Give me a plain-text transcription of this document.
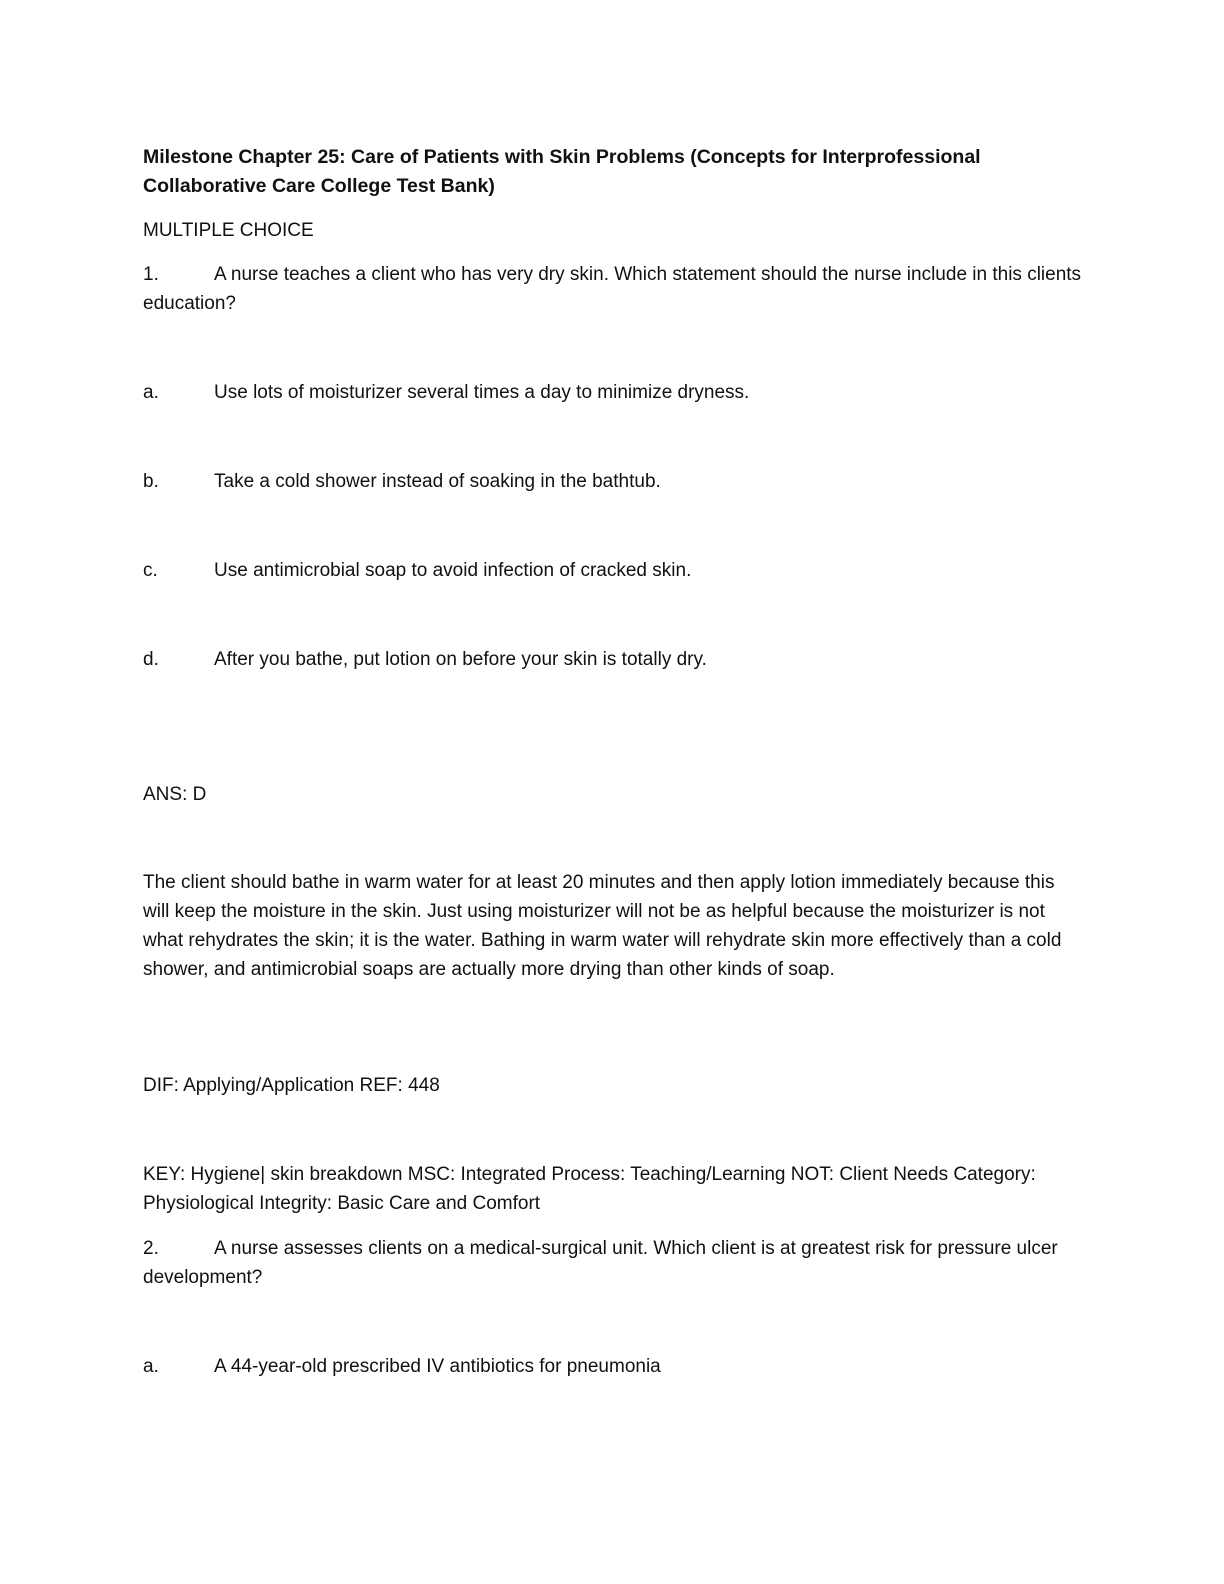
Milestone Chapter 25: Care of Patients with Skin Problems (Concepts for Interprofessional Collaborative Care College Test Bank)
MULTIPLE CHOICE
1.	A nurse teaches a client who has very dry skin. Which statement should the nurse include in this clients education?
a.	Use lots of moisturizer several times a day to minimize dryness.
b.	Take a cold shower instead of soaking in the bathtub.
c.	Use antimicrobial soap to avoid infection of cracked skin.
d.	After you bathe, put lotion on before your skin is totally dry.
ANS: D
The client should bathe in warm water for at least 20 minutes and then apply lotion immediately because this will keep the moisture in the skin. Just using moisturizer will not be as helpful because the moisturizer is not what rehydrates the skin; it is the water. Bathing in warm water will rehydrate skin more effectively than a cold shower, and antimicrobial soaps are actually more drying than other kinds of soap.
DIF: Applying/Application REF: 448
KEY: Hygiene| skin breakdown MSC: Integrated Process: Teaching/Learning NOT: Client Needs Category: Physiological Integrity: Basic Care and Comfort
2.	A nurse assesses clients on a medical-surgical unit. Which client is at greatest risk for pressure ulcer development?
a.	A 44-year-old prescribed IV antibiotics for pneumonia
